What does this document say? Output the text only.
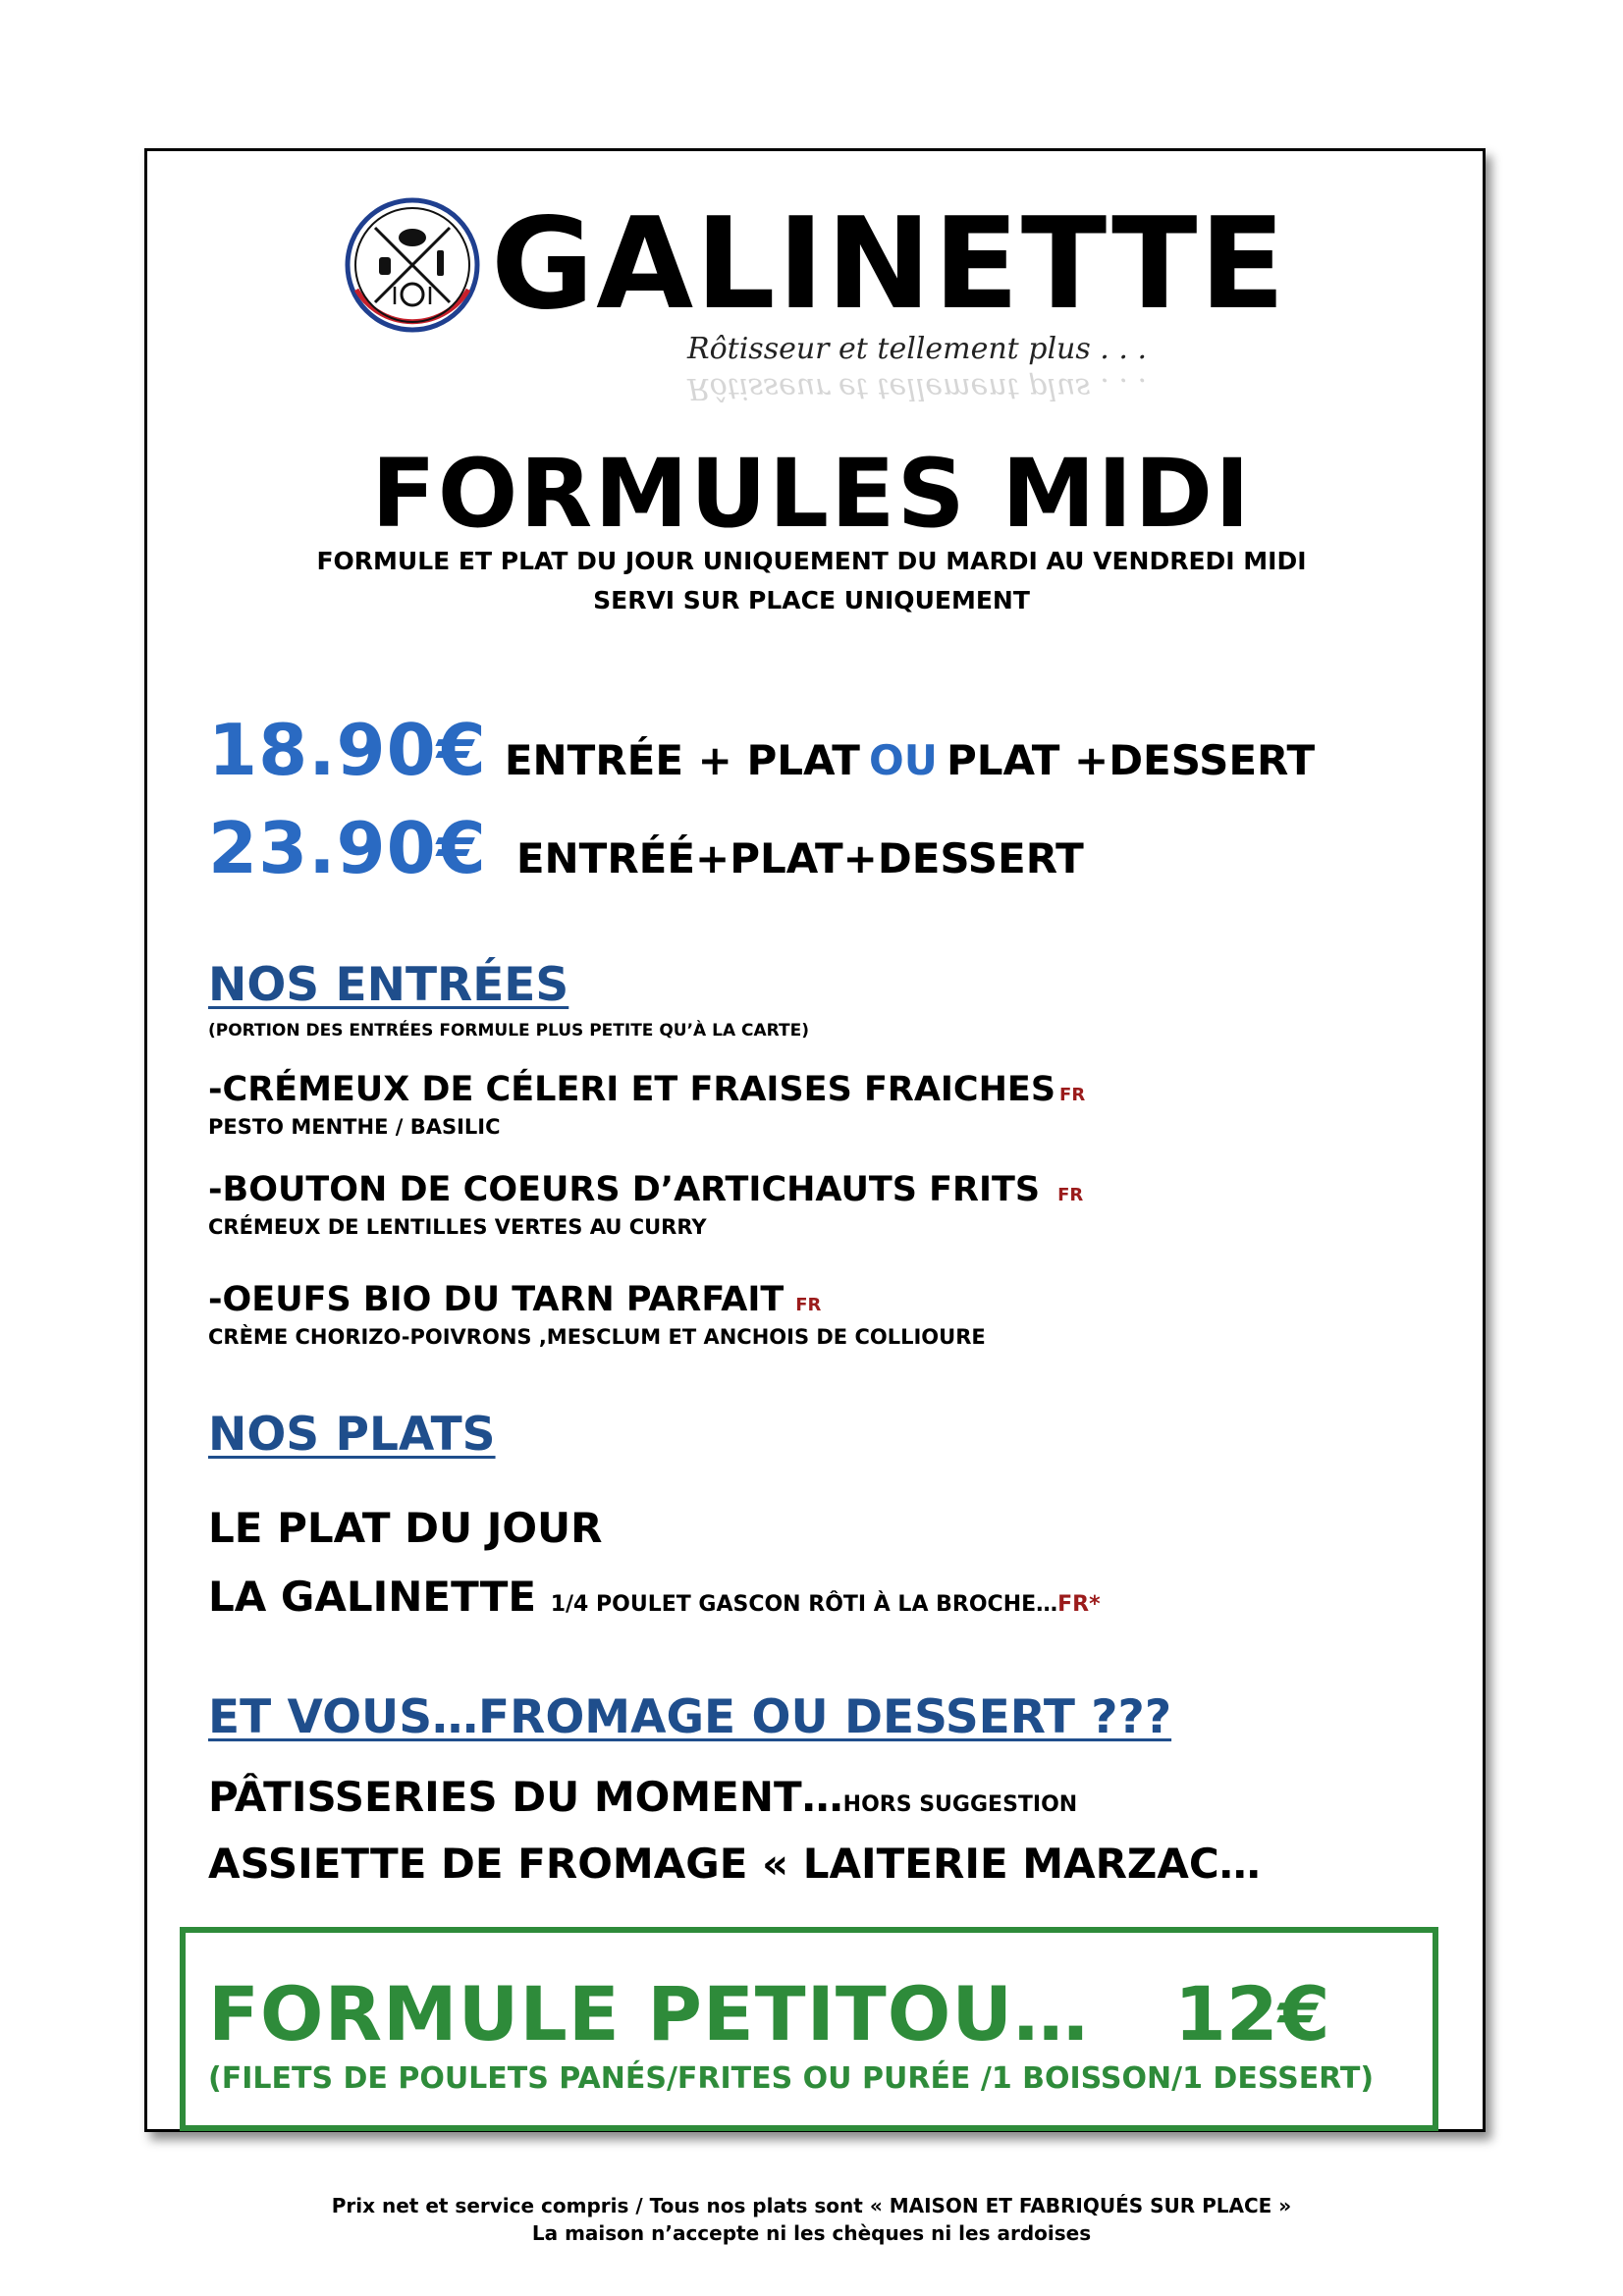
GALINETTE
Rôtisseur et tellement plus . . .
Rôtisseur et tellement plus . . .
FORMULES MIDI
FORMULE ET PLAT DU JOUR UNIQUEMENT DU MARDI AU VENDREDI MIDI
SERVI SUR PLACE UNIQUEMENT
18.90€ ENTRÉE + PLAT OU PLAT +DESSERT
23.90€ ENTRÉÉ+PLAT+DESSERT
NOS ENTRÉES
(PORTION DES ENTRÉES FORMULE PLUS PETITE QU’À LA CARTE)
-CRÉMEUX DE CÉLERI ET FRAISES FRAICHES FR
PESTO MENTHE / BASILIC
-BOUTON DE COEURS D’ARTICHAUTS FRITS FR
CRÉMEUX DE LENTILLES VERTES AU CURRY
-OEUFS BIO DU TARN PARFAIT FR
CRÈME CHORIZO-POIVRONS ,MESCLUM ET ANCHOIS DE COLLIOURE
NOS PLATS
LE PLAT DU JOUR
LA GALINETTE 1/4 POULET GASCON RÔTI À LA BROCHE…FR*
ET VOUS…FROMAGE OU DESSERT ???
PÂTISSERIES DU MOMENT…HORS SUGGESTION
ASSIETTE DE FROMAGE « LAITERIE MARZAC…
FORMULE PETITOU… 12€
(FILETS DE POULETS PANÉS/FRITES OU PURÉE /1 BOISSON/1 DESSERT)
Prix net et service compris / Tous nos plats sont « MAISON ET FABRIQUÉS SUR PLACE »
La maison n’accepte ni les chèques ni les ardoises
